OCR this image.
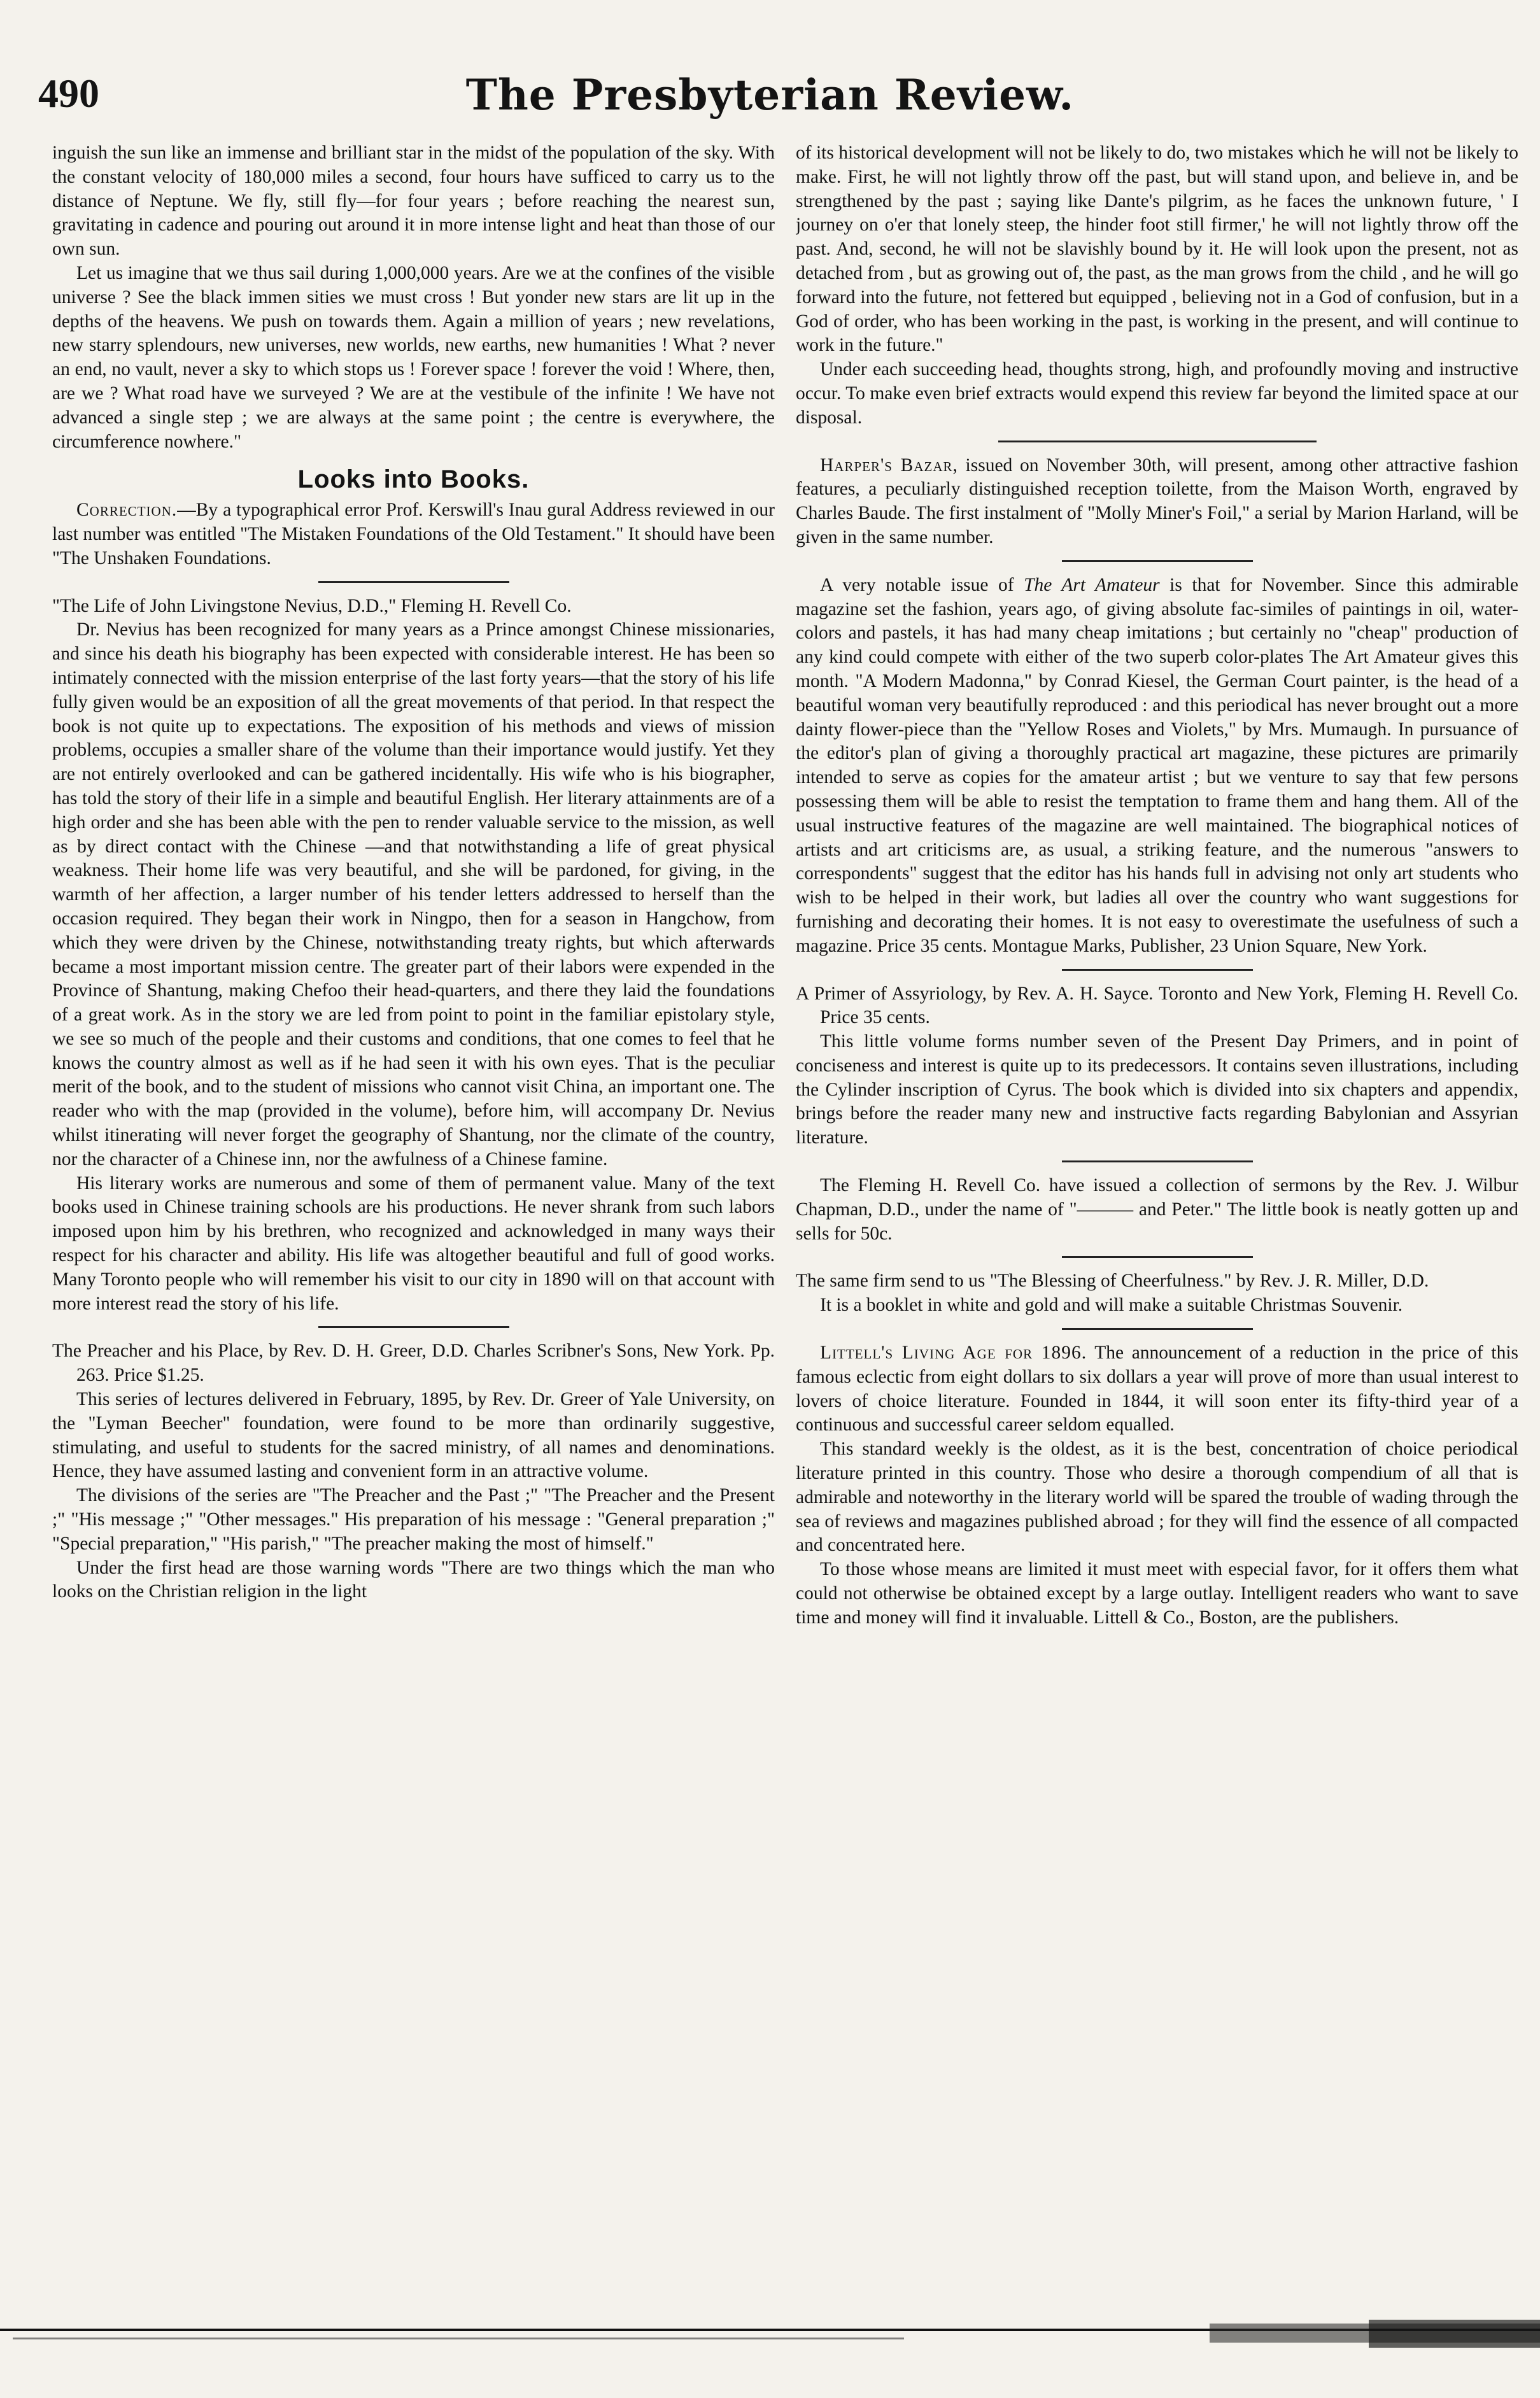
490	The Presbyterian Review.

inguish the sun like an immense and brilliant star in the midst of the population of the sky. With the constant velocity of 180,000 miles a second, four hours have sufficed to carry us to the distance of Neptune. We fly, still fly—for four years ; before reaching the nearest sun, gravitating in cadence and pouring out around it in more intense light and heat than those of our own sun.

Let us imagine that we thus sail during 1,000,000 years. Are we at the confines of the visible universe ? See the black immen sities we must cross ! But yonder new stars are lit up in the depths of the heavens. We push on towards them. Again a million of years ; new revelations, new starry splendours, new universes, new worlds, new earths, new humanities ! What ? never an end, no vault, never a sky to which stops us ! Forever space ! forever the void ! Where, then, are we ? What road have we surveyed ? We are at the vestibule of the infinite ! We have not advanced a single step ; we are always at the same point ; the centre is everywhere, the circumference nowhere."

Looks into Books.

Correction.—By a typographical error Prof. Kerswill's Inau gural Address reviewed in our last number was entitled "The Mistaken Foundations of the Old Testament." It should have been "The Unshaken Foundations.

"The Life of John Livingstone Nevius, D.D.," Fleming H. Revell Co.

Dr. Nevius has been recognized for many years as a Prince amongst Chinese missionaries, and since his death his biography has been expected with considerable interest. He has been so intimately connected with the mission enterprise of the last forty years—that the story of his life fully given would be an exposition of all the great movements of that period. In that respect the book is not quite up to expectations. The exposition of his methods and views of mission problems, occupies a smaller share of the volume than their importance would justify. Yet they are not entirely overlooked and can be gathered incidentally. His wife who is his biographer, has told the story of their life in a simple and beautiful English. Her literary attainments are of a high order and she has been able with the pen to render valuable service to the mission, as well as by direct contact with the Chinese —and that notwithstanding a life of great physical weakness. Their home life was very beautiful, and she will be pardoned, for giving, in the warmth of her affection, a larger number of his tender letters addressed to herself than the occasion required. They began their work in Ningpo, then for a season in Hangchow, from which they were driven by the Chinese, notwithstanding treaty rights, but which afterwards became a most important mission centre. The greater part of their labors were expended in the Province of Shantung, making Chefoo their head-quarters, and there they laid the foundations of a great work. As in the story we are led from point to point in the familiar epistolary style, we see so much of the people and their customs and conditions, that one comes to feel that he knows the country almost as well as if he had seen it with his own eyes. That is the peculiar merit of the book, and to the student of missions who cannot visit China, an important one. The reader who with the map (provided in the volume), before him, will accompany Dr. Nevius whilst itinerating will never forget the geography of Shantung, nor the climate of the country, nor the character of a Chinese inn, nor the awfulness of a Chinese famine.

His literary works are numerous and some of them of permanent value. Many of the text books used in Chinese training schools are his productions. He never shrank from such labors imposed upon him by his brethren, who recognized and acknowledged in many ways their respect for his character and ability. His life was altogether beautiful and full of good works. Many Toronto people who will remember his visit to our city in 1890 will on that account with more interest read the story of his life.

The Preacher and his Place, by Rev. D. H. Greer, D.D. Charles Scribner's Sons, New York. Pp. 263. Price $1.25.

This series of lectures delivered in February, 1895, by Rev. Dr. Greer of Yale University, on the "Lyman Beecher" foundation, were found to be more than ordinarily suggestive, stimulating, and useful to students for the sacred ministry, of all names and denominations. Hence, they have assumed lasting and convenient form in an attractive volume.

The divisions of the series are "The Preacher and the Past ;" "The Preacher and the Present ;" "His message ;" "Other messages." His preparation of his message : "General preparation ;" "Special preparation," "His parish," "The preacher making the most of himself."

Under the first head are those warning words "There are two things which the man who looks on the Christian religion in the light

of its historical development will not be likely to do, two mistakes which he will not be likely to make. First, he will not lightly throw off the past, but will stand upon, and believe in, and be strengthened by the past ; saying like Dante's pilgrim, as he faces the unknown future, ' I journey on o'er that lonely steep, the hinder foot still firmer,' he will not lightly throw off the past. And, second, he will not be slavishly bound by it. He will look upon the present, not as detached from , but as growing out of, the past, as the man grows from the child , and he will go forward into the future, not fettered but equipped , believing not in a God of confusion, but in a God of order, who has been working in the past, is working in the present, and will continue to work in the future."

Under each succeeding head, thoughts strong, high, and profoundly moving and instructive occur. To make even brief extracts would expend this review far beyond the limited space at our disposal.

Harper's Bazar, issued on November 30th, will present, among other attractive fashion features, a peculiarly distinguished reception toilette, from the Maison Worth, engraved by Charles Baude. The first instalment of "Molly Miner's Foil," a serial by Marion Harland, will be given in the same number.

A very notable issue of The Art Amateur is that for November. Since this admirable magazine set the fashion, years ago, of giving absolute fac-similes of paintings in oil, water-colors and pastels, it has had many cheap imitations ; but certainly no "cheap" production of any kind could compete with either of the two superb color-plates The Art Amateur gives this month. "A Modern Madonna," by Conrad Kiesel, the German Court painter, is the head of a beautiful woman very beautifully reproduced : and this periodical has never brought out a more dainty flower-piece than the "Yellow Roses and Violets," by Mrs. Mumaugh. In pursuance of the editor's plan of giving a thoroughly practical art magazine, these pictures are primarily intended to serve as copies for the amateur artist ; but we venture to say that few persons possessing them will be able to resist the temptation to frame them and hang them. All of the usual instructive features of the magazine are well maintained. The biographical notices of artists and art criticisms are, as usual, a striking feature, and the numerous "answers to correspondents" suggest that the editor has his hands full in advising not only art students who wish to be helped in their work, but ladies all over the country who want suggestions for furnishing and decorating their homes. It is not easy to overestimate the usefulness of such a magazine. Price 35 cents. Montague Marks, Publisher, 23 Union Square, New York.

A Primer of Assyriology, by Rev. A. H. Sayce. Toronto and New York, Fleming H. Revell Co. Price 35 cents.

This little volume forms number seven of the Present Day Primers, and in point of conciseness and interest is quite up to its predecessors. It contains seven illustrations, including the Cylinder inscription of Cyrus. The book which is divided into six chapters and appendix, brings before the reader many new and instructive facts regarding Babylonian and Assyrian literature.

The Fleming H. Revell Co. have issued a collection of sermons by the Rev. J. Wilbur Chapman, D.D., under the name of "——— and Peter." The little book is neatly gotten up and sells for 50c.

The same firm send to us "The Blessing of Cheerfulness." by Rev. J. R. Miller, D.D.

It is a booklet in white and gold and will make a suitable Christmas Souvenir.

Littell's Living Age for 1896. The announcement of a reduction in the price of this famous eclectic from eight dollars to six dollars a year will prove of more than usual interest to lovers of choice literature. Founded in 1844, it will soon enter its fifty-third year of a continuous and successful career seldom equalled.

This standard weekly is the oldest, as it is the best, concentration of choice periodical literature printed in this country. Those who desire a thorough compendium of all that is admirable and noteworthy in the literary world will be spared the trouble of wading through the sea of reviews and magazines published abroad ; for they will find the essence of all compacted and concentrated here.

To those whose means are limited it must meet with especial favor, for it offers them what could not otherwise be obtained except by a large outlay. Intelligent readers who want to save time and money will find it invaluable. Littell & Co., Boston, are the publishers.
